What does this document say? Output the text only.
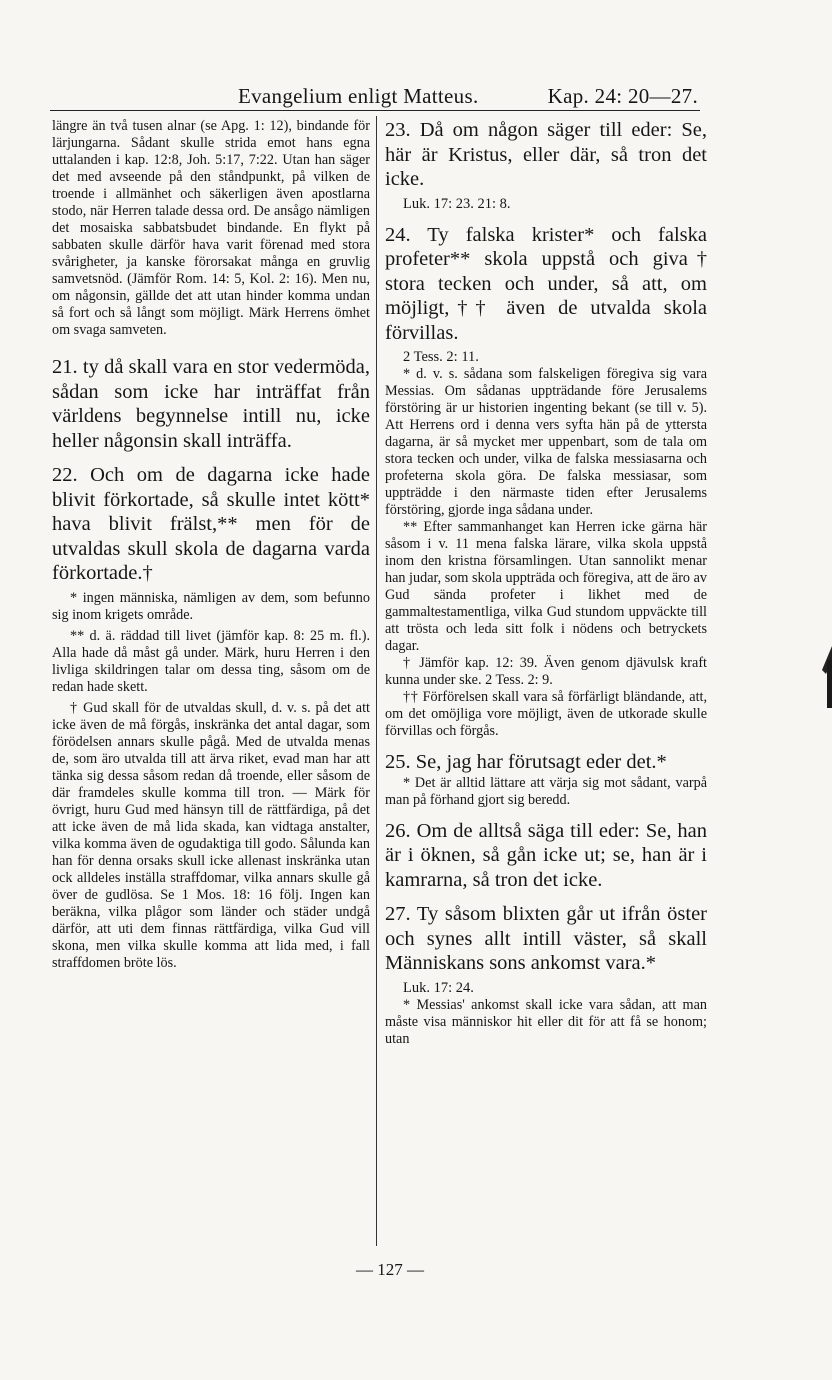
Evangelium enligt Matteus.	Kap. 24: 20—27.

längre än två tusen alnar (se Apg. 1: 12), bindande för lärjungarna. Sådant skulle strida emot hans egna uttalanden i kap. 12:8, Joh. 5:17, 7:22. Utan han säger det med avseende på den ståndpunkt, på vilken de troende i allmänhet och säkerligen även apostlarna stodo, när Herren talade dessa ord. De ansågo nämligen det mosaiska sabbatsbudet bindande. En flykt på sabbaten skulle därför hava varit förenad med stora svårigheter, ja kanske förorsakat många en gruvlig samvetsnöd. (Jämför Rom. 14: 5, Kol. 2: 16). Men nu, om någonsin, gällde det att utan hinder komma undan så fort och så långt som möjligt. Märk Herrens ömhet om svaga samveten.

21. ty då skall vara en stor vedermöda, sådan som icke har inträffat från världens begynnelse intill nu, icke heller någonsin skall inträffa.

22. Och om de dagarna icke hade blivit förkortade, så skulle intet kött* hava blivit frälst,** men för de utvaldas skull skola de dagarna varda förkortade.†

* ingen människa, nämligen av dem, som befunno sig inom krigets område.

** d. ä. räddad till livet (jämför kap. 8: 25 m. fl.). Alla hade då måst gå under. Märk, huru Herren i den livliga skildringen talar om dessa ting, såsom om de redan hade skett.

† Gud skall för de utvaldas skull, d. v. s. på det att icke även de må förgås, inskränka det antal dagar, som förödelsen annars skulle pågå. Med de utvalda menas de, som äro utvalda till att ärva riket, evad man har att tänka sig dessa såsom redan då troende, eller såsom de där framdeles skulle komma till tron. — Märk för övrigt, huru Gud med hänsyn till de rättfärdiga, på det att icke även de må lida skada, kan vidtaga anstalter, vilka komma även de ogudaktiga till godo. Sålunda kan han för denna orsaks skull icke allenast inskränka utan ock alldeles inställa straffdomar, vilka annars skulle gå över de gudlösa. Se 1 Mos. 18: 16 följ. Ingen kan beräkna, vilka plågor som länder och städer undgå därför, att uti dem finnas rättfärdiga, vilka Gud vill skona, men vilka skulle komma att lida med, i fall straffdomen bröte lös.

23. Då om någon säger till eder: Se, här är Kristus, eller där, så tron det icke.

Luk. 17: 23. 21: 8.

24. Ty falska krister* och falska profeter** skola uppstå och givа† stora tecken och under, så att, om möjligt,†† även de utvalda skola förvillas.

2 Tess. 2: 11.

* d. v. s. sådana som falskeligen föregiva sig vara Messias. Om sådanas uppträdande före Jerusalems förstöring är ur historien ingenting bekant (se till v. 5). Att Herrens ord i denna vers syfta hän på de yttersta dagarna, är så mycket mer uppenbart, som de tala om stora tecken och under, vilka de falska messiasarna och profeterna skola göra. De falska messiasar, som uppträdde i den närmaste tiden efter Jerusalems förstöring, gjorde inga sådana under.

** Efter sammanhanget kan Herren icke gärna här såsom i v. 11 mena falska lärare, vilka skola uppstå inom den kristna församlingen. Utan sannolikt menar han judar, som skola uppträda och föregiva, att de äro av Gud sända profeter i likhet med de gammaltestamentliga, vilka Gud stundom uppväckte till att trösta och leda sitt folk i nödens och betryckets dagar.

† Jämför kap. 12: 39. Även genom djävulsk kraft kunna under ske. 2 Tess. 2: 9.

†† Förförelsen skall vara så förfärligt bländande, att, om det omöjliga vore möjligt, även de utkorade skulle förvillas och förgås.

25. Se, jag har förutsagt eder det.*

* Det är alltid lättare att värja sig mot sådant, varpå man på förhand gjort sig beredd.

26. Om de alltså säga till eder: Se, han är i öknen, så gån icke ut; se, han är i kamrarna, så tron det icke.

27. Ty såsom blixten går ut ifrån öster och synes allt intill väster, så skall Människans sons ankomst vara.*

Luk. 17: 24.

* Messias' ankomst skall icke vara sådan, att man måste visa människor hit eller dit för att få se honom; utan

— 127 —
